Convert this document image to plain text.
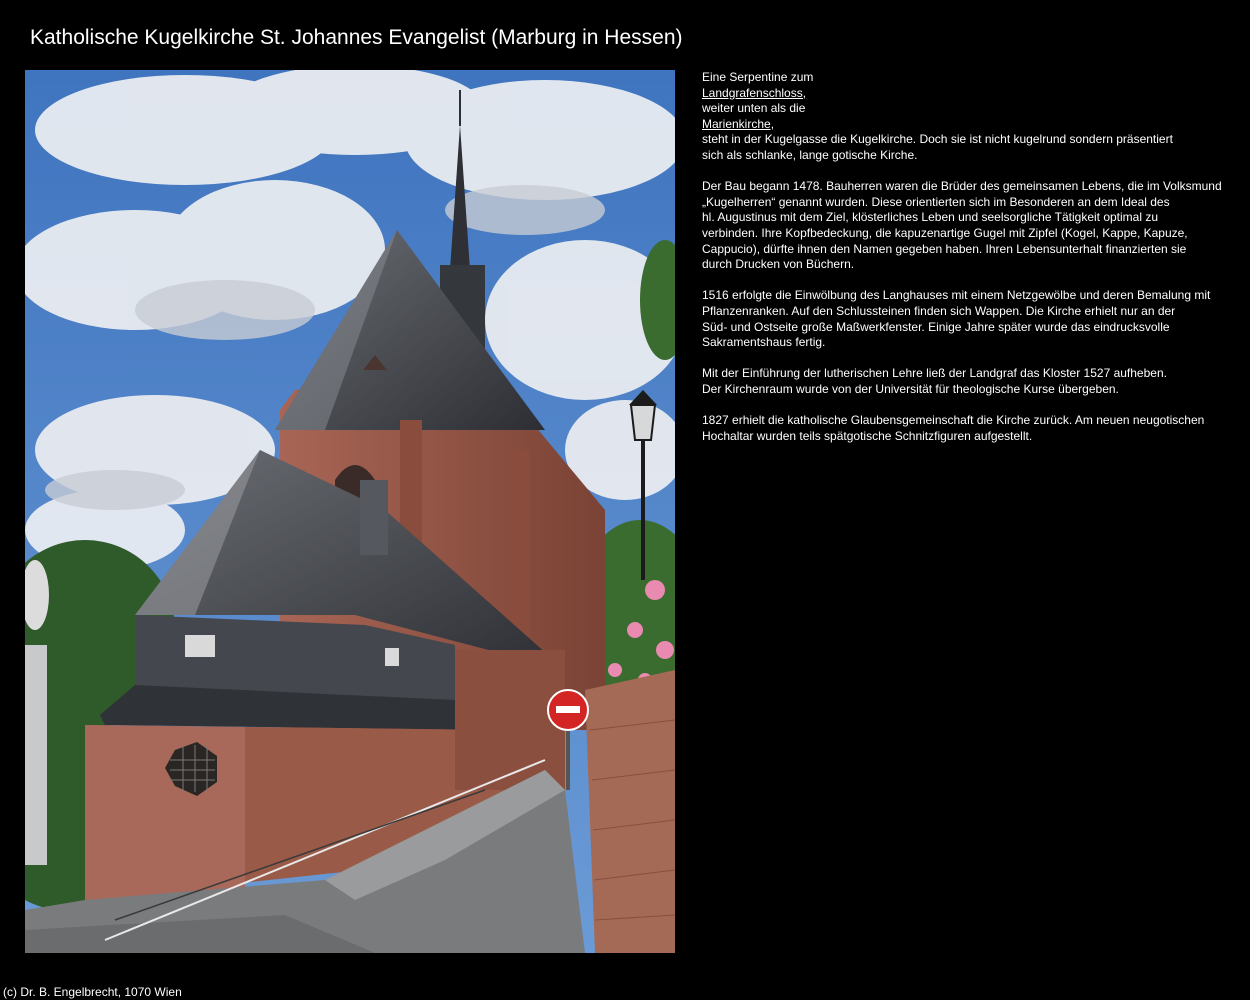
Katholische Kugelkirche St. Johannes Evangelist (Marburg in Hessen)

Eine Serpentine zum
Landgrafenschloss,
weiter unten als die
Marienkirche,
steht in der Kugelgasse die Kugelkirche. Doch sie ist nicht kugelrund sondern präsentiert
sich als schlanke, lange gotische Kirche.

Der Bau begann 1478. Bauherren waren die Brüder des gemeinsamen Lebens, die im Volksmund
„Kugelherren“ genannt wurden. Diese orientierten sich im Besonderen an dem Ideal des
hl. Augustinus mit dem Ziel, klösterliches Leben und seelsorgliche Tätigkeit optimal zu
verbinden. Ihre Kopfbedeckung, die kapuzenartige Gugel mit Zipfel (Kogel, Kappe, Kapuze,
Cappucio), dürfte ihnen den Namen gegeben haben. Ihren Lebensunterhalt finanzierten sie
durch Drucken von Büchern.

1516 erfolgte die Einwölbung des Langhauses mit einem Netzgewölbe und deren Bemalung mit
Pflanzenranken. Auf den Schlussteinen finden sich Wappen. Die Kirche erhielt nur an der
Süd- und Ostseite große Maßwerkfenster. Einige Jahre später wurde das eindrucksvolle
Sakramentshaus fertig.

Mit der Einführung der lutherischen Lehre ließ der Landgraf das Kloster 1527 aufheben.
Der Kirchenraum wurde von der Universität für theologische Kurse übergeben.

1827 erhielt die katholische Glaubensgemeinschaft die Kirche zurück. Am neuen neugotischen
Hochaltar wurden teils spätgotische Schnitzfiguren aufgestellt.

(c) Dr. B. Engelbrecht, 1070 Wien
